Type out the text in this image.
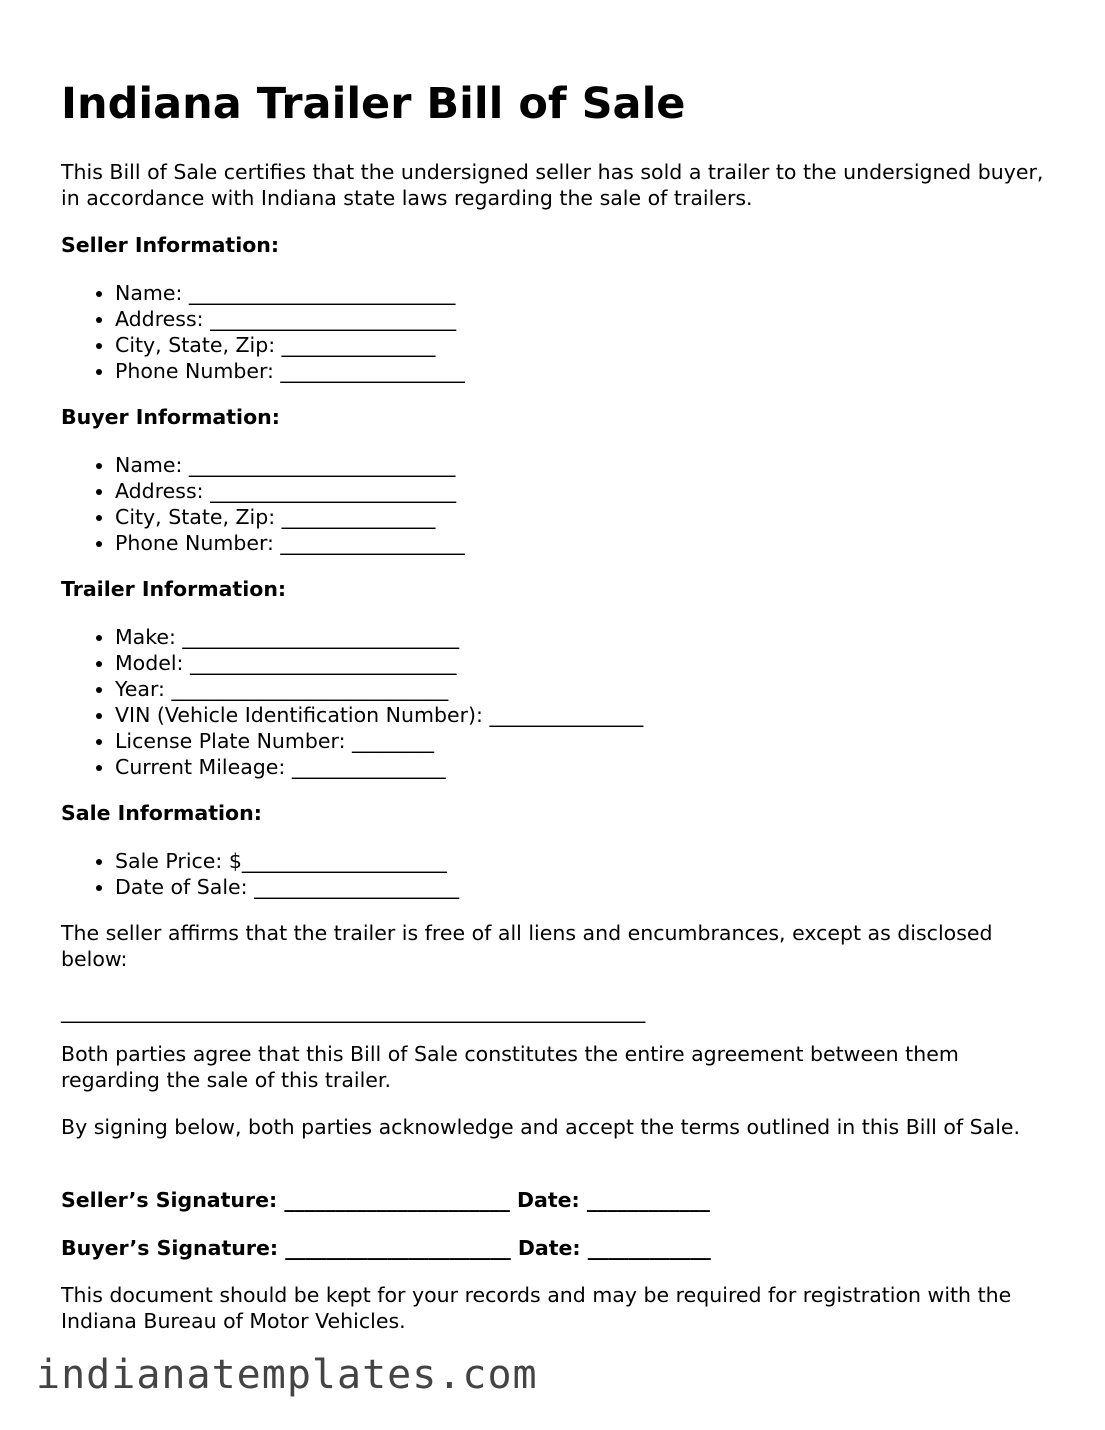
Indiana Trailer Bill of Sale

This Bill of Sale certifies that the undersigned seller has sold a trailer to the undersigned buyer, in accordance with Indiana state laws regarding the sale of trailers.

Seller Information:
• Name: __________________________
• Address: ________________________
• City, State, Zip: _______________
• Phone Number: __________________
Buyer Information:
• Name: __________________________
• Address: ________________________
• City, State, Zip: _______________
• Phone Number: __________________
Trailer Information:
• Make: ___________________________
• Model: __________________________
• Year: ___________________________
• VIN (Vehicle Identification Number): _______________
• License Plate Number: ________
• Current Mileage: _______________
Sale Information:
• Sale Price: $____________________
• Date of Sale: ____________________

The seller affirms that the trailer is free of all liens and encumbrances, except as disclosed below:

_________________________________________________________

Both parties agree that this Bill of Sale constitutes the entire agreement between them regarding the sale of this trailer.

By signing below, both parties acknowledge and accept the terms outlined in this Bill of Sale.

Seller’s Signature: ______________________ Date: ____________
Buyer’s Signature: ______________________ Date: ____________

This document should be kept for your records and may be required for registration with the Indiana Bureau of Motor Vehicles.

indianatemplates.com
